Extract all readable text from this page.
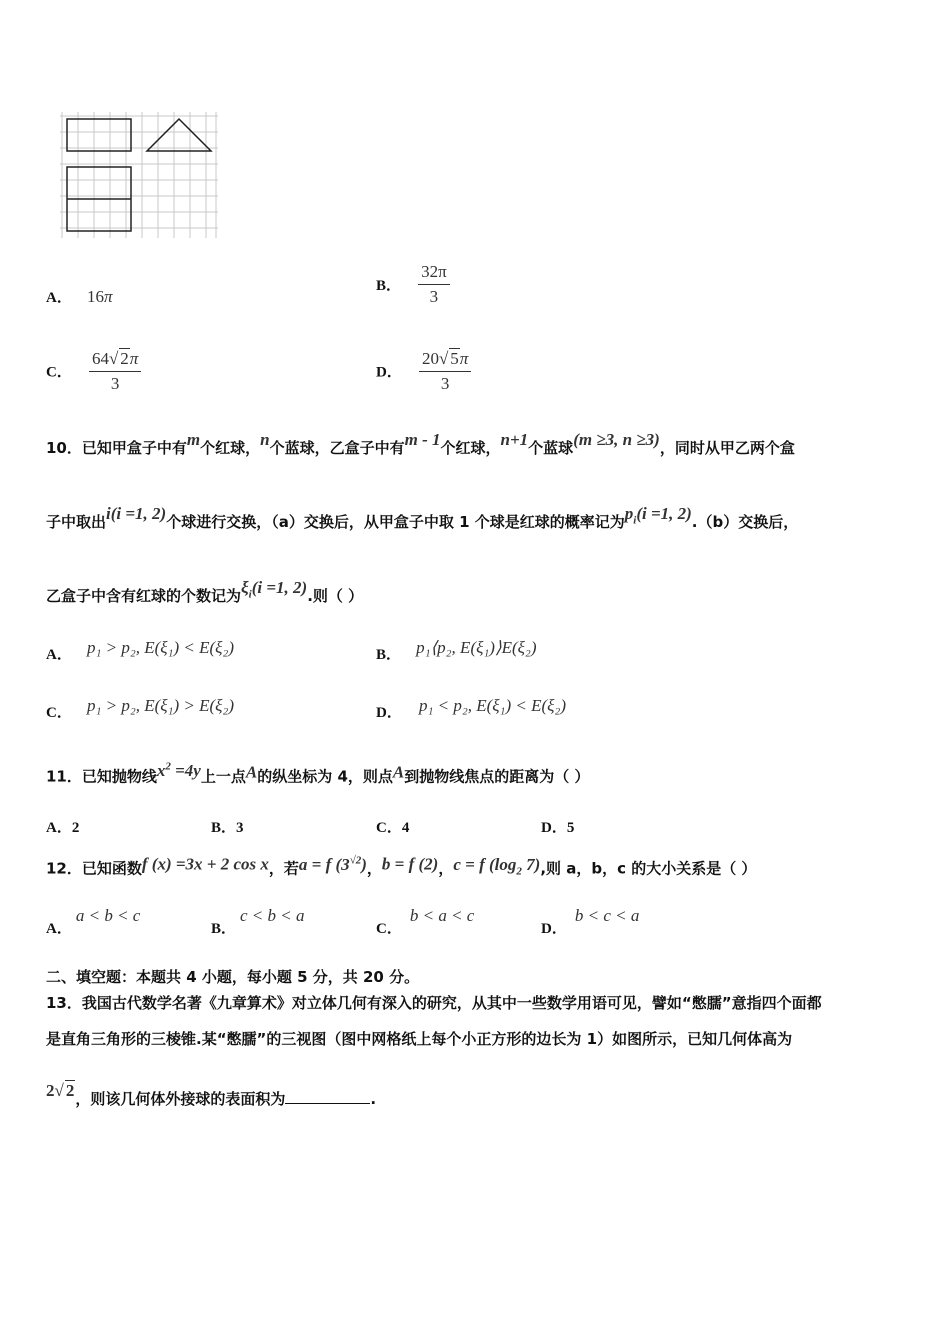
A． 16π
B． $\frac{32\pi}{3}$
C． $\frac{64√ 2\pi}{3}$	D． $\frac{20√ 5\pi}{3}$
10．已知甲盒子中有m个红球，n个蓝球，乙盒子中有m - 1个红球，n+1个蓝球(m ≥3, n ≥3)，同时从甲乙两个盒
子中取出i(i =1, 2)个球进行交换，（a）交换后，从甲盒子中取 1 个球是红球的概率记为$p_i(i =1$, 2).（b）交换后，
乙盒子中含有红球的个数记为$\xi_i(i =1$, 2).则（ ）
A． p₁ > p₂, E(ξ₁) < E(ξ₂)	B． p₁⟨p₂, E(ξ₁)⟩E(ξ₂)
C． p₁ > p₂, E(ξ₁) > E(ξ₂)	D． p₁ < p₂, E(ξ₁) < E(ξ₂)
11．已知抛物线$x^2 =4y$上一点A的纵坐标为 4，则点A到抛物线焦点的距离为（ ）
A．2	B．3	C．4	D．5
12．已知函数f (x) =3x + 2 cos x，若a = f $(3^{√2})$，b = f (2)，c = f ($\log_2$ 7),则 a，b，c 的大小关系是（ ）
A．a < b < c
B．c < b < a
C．b < a < c
D．b < c < a
二、填空题：本题共 4 小题，每小题 5 分，共 20 分。
13．我国古代数学名著《九章算术》对立体几何有深入的研究，从其中一些数学用语可见，譬如“憋臑”意指四个面都
是直角三角形的三棱锥.某“憋臑”的三视图（图中网格纸上每个小正方形的边长为 1）如图所示，已知几何体高为
2√ 2，则该几何体外接球的表面积为	.
